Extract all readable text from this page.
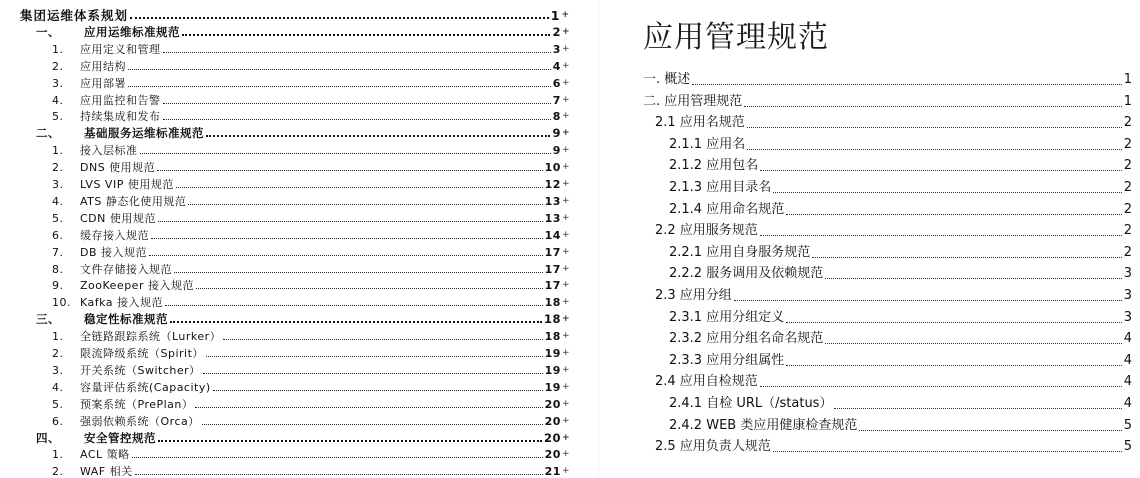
集团运维体系规划	1 +
一、	应用运维标准规范	2 +
1.	应用定义和管理	3 +
2.	应用结构	4 +
3.	应用部署	6 +
4.	应用监控和告警	7 +
5.	持续集成和发布	8 +
二、	基础服务运维标准规范	9 +
1.	接入层标准	9 +
2.	DNS 使用规范	10 +
3.	LVS VIP 使用规范	12 +
4.	ATS 静态化使用规范	13 +
5.	CDN 使用规范	13 +
6.	缓存接入规范	14 +
7.	DB 接入规范	17 +
8.	文件存储接入规范	17 +
9.	ZooKeeper 接入规范	17 +
10. Kafka 接入规范	18 +
三、	稳定性标准规范	18 +
1.	全链路跟踪系统（Lurker）	18 +
2.	限流降级系统（Spirit）	19 +
3.	开关系统（Switcher）	19 +
4.	容量评估系统(Capacity)	19 +
5.	预案系统（PrePlan）	20 +
6.	强弱依赖系统（Orca）	20 +
四、	安全管控规范	20 +
1.	ACL 策略	20 +
2.	WAF 相关	21 +
应用管理规范
一. 概述	1
二. 应用管理规范	1
2.1 应用名规范	2
2.1.1 应用名	2
2.1.2 应用包名	2
2.1.3 应用目录名	2
2.1.4 应用命名规范	2
2.2 应用服务规范	2
2.2.1 应用自身服务规范	2
2.2.2 服务调用及依赖规范	3
2.3 应用分组	3
2.3.1 应用分组定义	3
2.3.2 应用分组名命名规范	4
2.3.3 应用分组属性	4
2.4 应用自检规范	4
2.4.1 自检 URL（/status）	4
2.4.2 WEB 类应用健康检查规范	5
2.5 应用负责人规范	5
